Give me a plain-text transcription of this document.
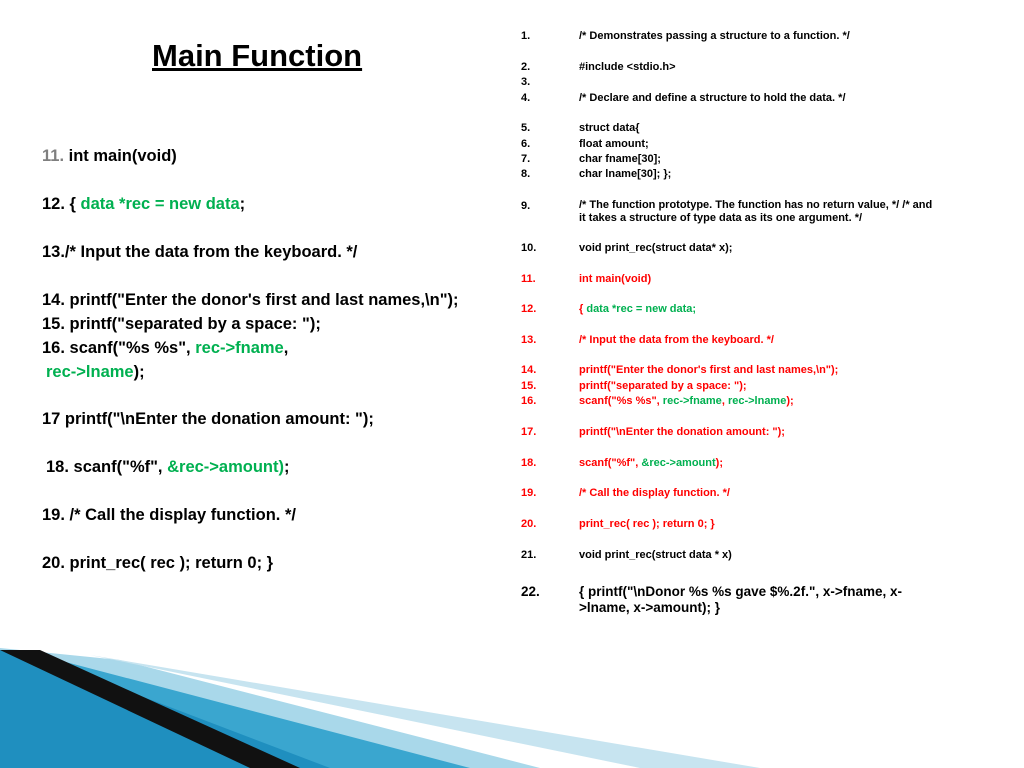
Main Function
11. int main(void)
12. { data *rec = new data;
13./* Input the data from the keyboard. */
14. printf("Enter the donor's first and last names,\n");
15. printf("separated by a space: ");
16. scanf("%s %s", rec->fname,
rec->lname);
17 printf("\nEnter the donation amount: ");
18. scanf("%f", &rec->amount);
19. /* Call the display function. */
20. print_rec( rec ); return 0; }
1.	/* Demonstrates passing a structure to a function. */
2.	#include <stdio.h>
3.
4.	/* Declare and define a structure to hold the data. */
5.	struct data{
6.	float amount;
7.	char fname[30];
8.	char lname[30]; };
9.	/* The function prototype. The function has no return value, */ /* and it takes a structure of type data as its one argument. */
10.	void print_rec(struct data* x);
11.	int main(void)
12.	{ data *rec = new data;
13.	/* Input the data from the keyboard. */
14.	printf("Enter the donor's first and last names,\n");
15.	printf("separated by a space: ");
16.	scanf("%s %s", rec->fname, rec->lname);
17.	printf("\nEnter the donation amount: ");
18.	scanf("%f", &rec->amount);
19.	/* Call the display function. */
20.	print_rec( rec ); return 0; }
21.	void print_rec(struct data * x)
22.	{ printf("\nDonor %s %s gave $%.2f.", x->fname, x->lname, x->amount); }
